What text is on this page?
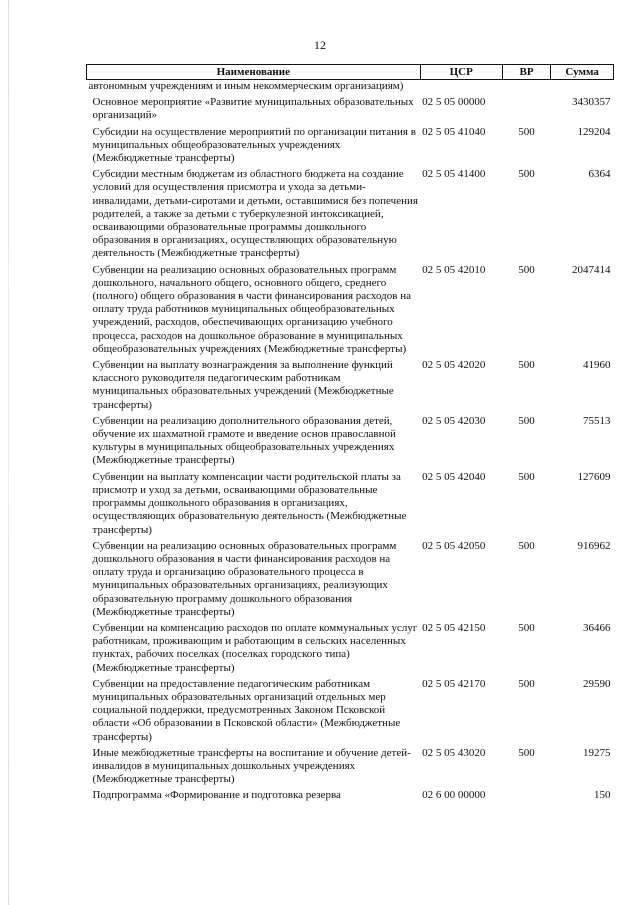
12
Наименование	ЦСР	ВР	Сумма
автономным учреждениям и иным некоммерческим организациям)			
Основное мероприятие «Развитие муниципальных образовательных организаций»	02 5 05 00000		3430357
Субсидии на осуществление мероприятий по организации питания в муниципальных общеобразовательных учреждениях (Межбюджетные трансферты)	02 5 05 41040	500	129204
Субсидии местным бюджетам из областного бюджета на создание условий для осуществления присмотра и ухода за детьми-инвалидами, детьми-сиротами и детьми, оставшимися без попечения родителей, а также за детьми с туберкулезной интоксикацией, осваивающими образовательные программы дошкольного образования в организациях, осуществляющих образовательную деятельность (Межбюджетные трансферты)	02 5 05 41400	500	6364
Субвенции на реализацию основных образовательных программ дошкольного, начального общего, основного общего, среднего (полного) общего образования в части финансирования расходов на оплату труда работников муниципальных общеобразовательных учреждений, расходов, обеспечивающих организацию учебного процесса, расходов на дошкольное образование в муниципальных общеобразовательных учреждениях (Межбюджетные трансферты)	02 5 05 42010	500	2047414
Субвенции на выплату вознаграждения за выполнение функций классного руководителя педагогическим работникам муниципальных образовательных учреждений (Межбюджетные трансферты)	02 5 05 42020	500	41960
Субвенции на реализацию дополнительного образования детей, обучение их шахматной грамоте и введение основ православной культуры в муниципальных общеобразовательных учреждениях (Межбюджетные трансферты)	02 5 05 42030	500	75513
Субвенции на выплату компенсации части родительской платы за присмотр и уход за детьми, осваивающими образовательные программы дошкольного образования в организациях, осуществляющих образовательную деятельность (Межбюджетные трансферты)	02 5 05 42040	500	127609
Субвенции на реализацию основных образовательных программ дошкольного образования в части финансирования расходов на оплату труда и организацию образовательного процесса в муниципальных образовательных организациях, реализующих образовательную программу дошкольного образования (Межбюджетные трансферты)	02 5 05 42050	500	916962
Субвенции на компенсацию расходов по оплате коммунальных услуг работникам, проживающим и работающим в сельских населенных пунктах, рабочих поселках (поселках городского типа) (Межбюджетные трансферты)	02 5 05 42150	500	36466
Субвенции на предоставление педагогическим работникам муниципальных образовательных организаций отдельных мер социальной поддержки, предусмотренных Законом Псковской области «Об образовании в Псковской области» (Межбюджетные трансферты)	02 5 05 42170	500	29590
Иные межбюджетные трансферты на воспитание и обучение детей-инвалидов в муниципальных дошкольных учреждениях (Межбюджетные трансферты)	02 5 05 43020	500	19275
Подпрограмма «Формирование и подготовка резерва	02 6 00 00000		150
